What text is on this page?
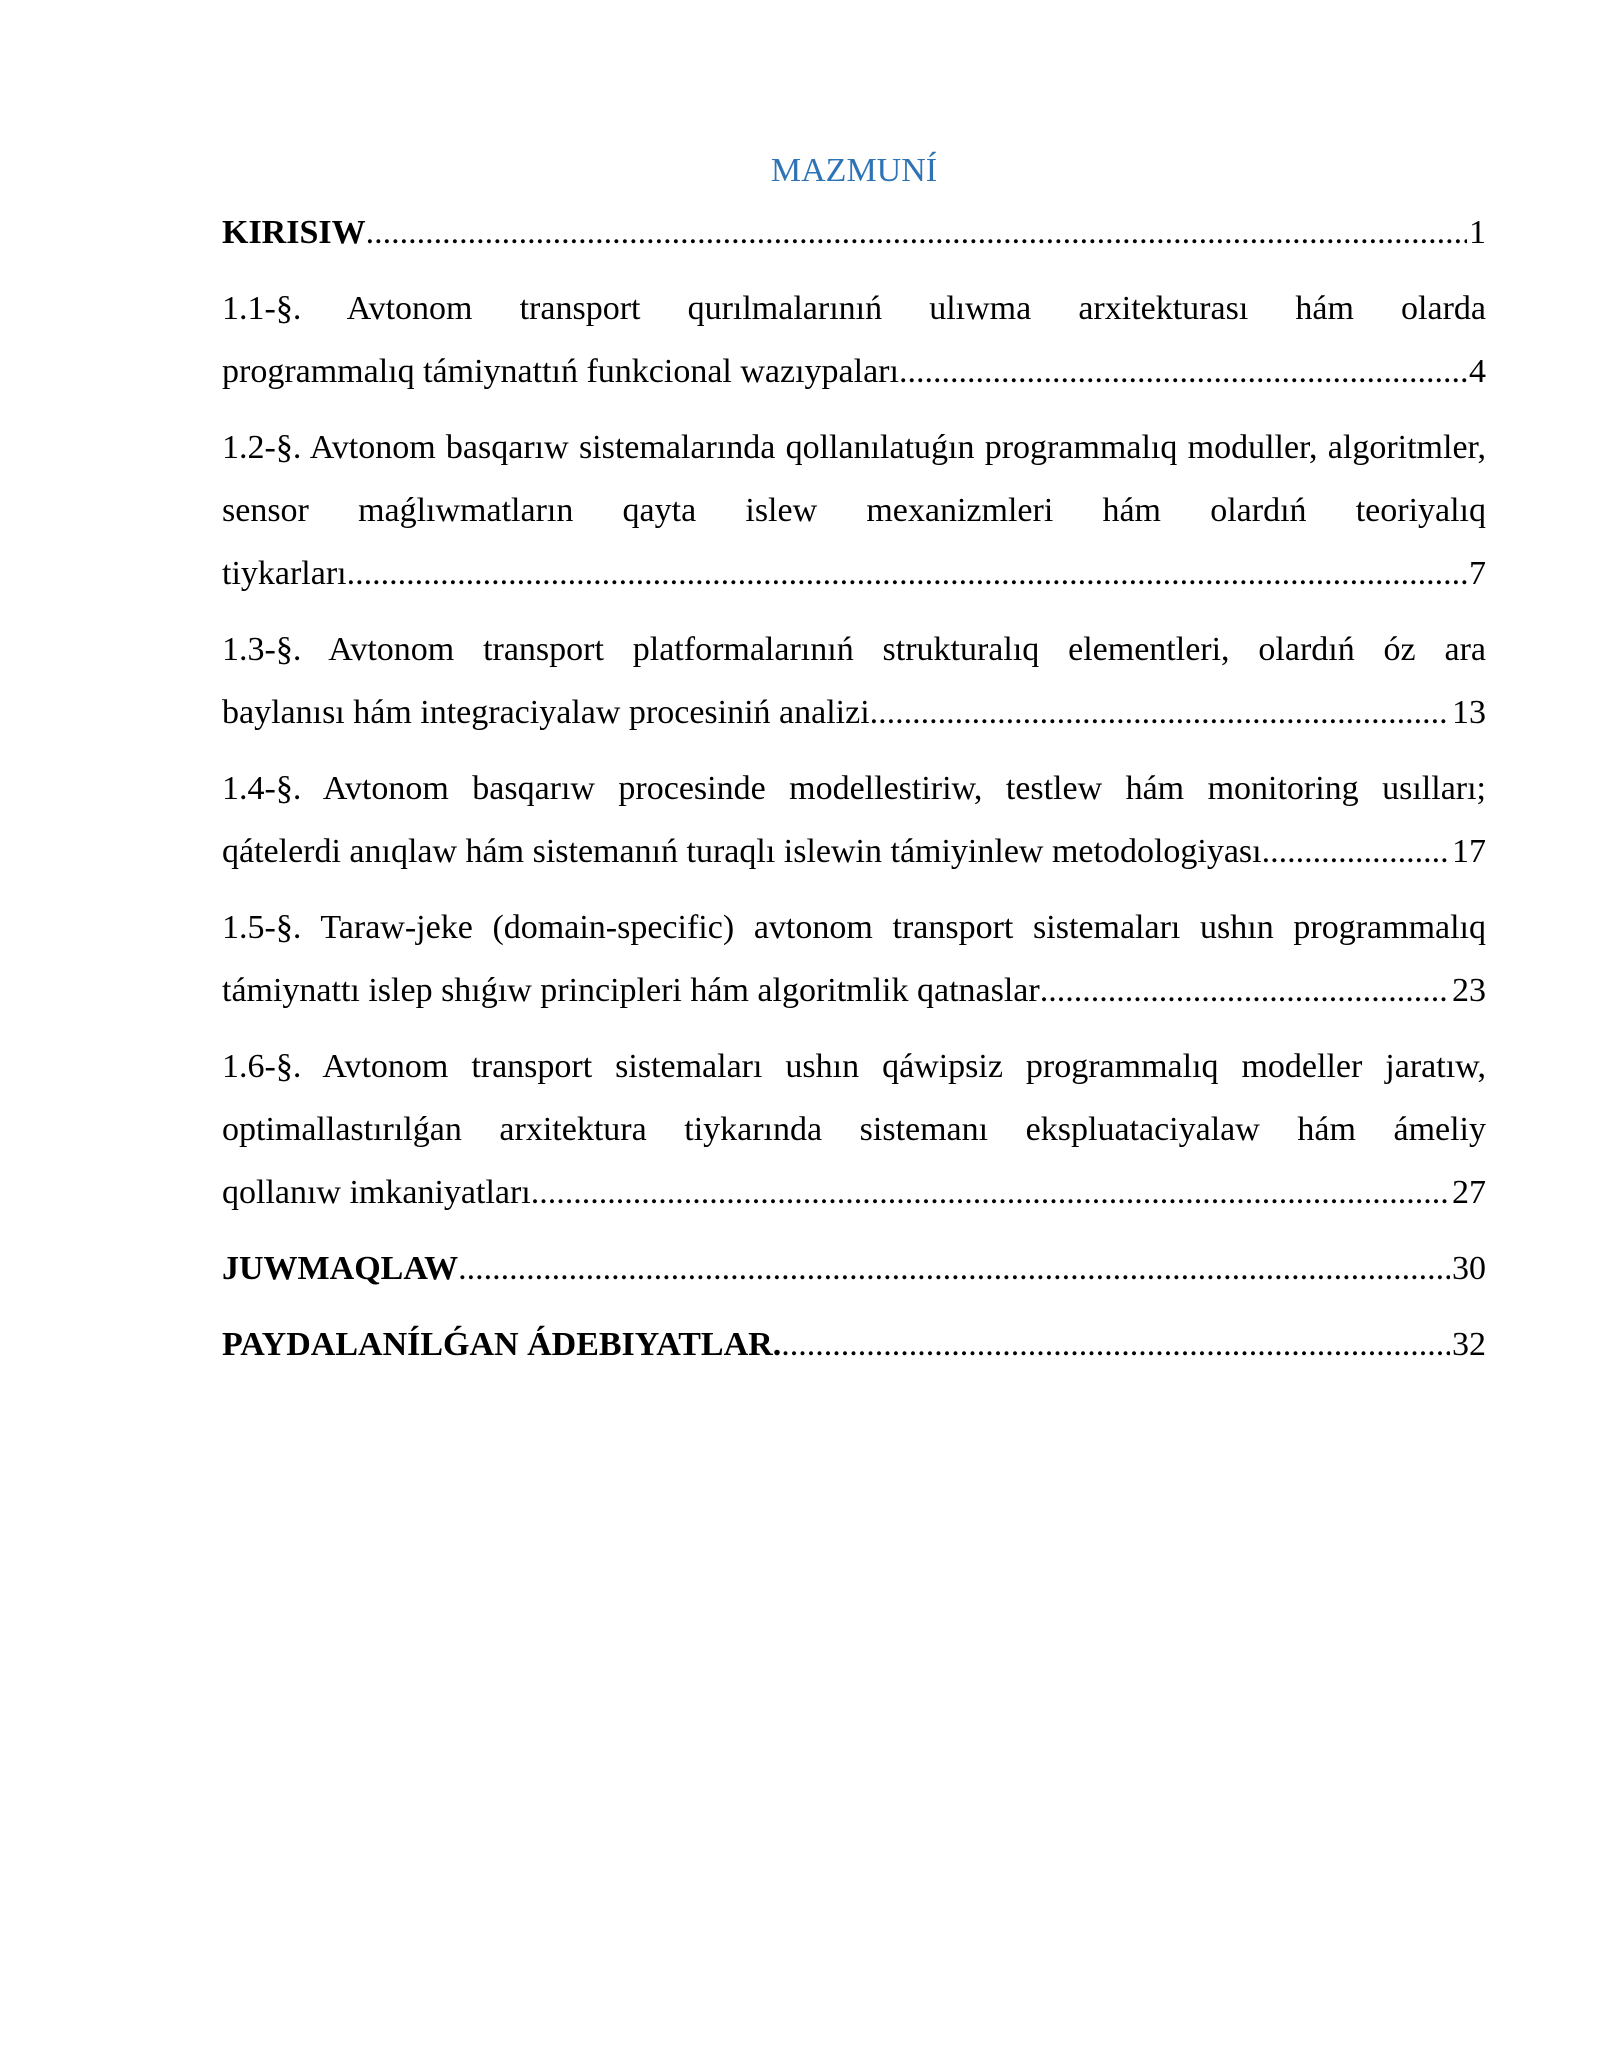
MAZMUNÍ
KIRISIW .....	1
1.1-§. Avtonom transport qurılmalarınıń ulıwma arxitekturası hám olarda
programmalıq támiynattıń funkcional wazıypaları. .....	4
1.2-§. Avtonom basqarıw sistemalarında qollanılatuǵın programmalıq moduller, algoritmler, sensor maǵlıwmatların qayta islew mexanizmleri hám olardıń teoriyalıq
tiykarları. .....	7
1.3-§. Avtonom transport platformalarınıń strukturalıq elementleri, olardıń óz ara
baylanısı hám integraciyalaw procesiniń analizi. .....	13
1.4-§. Avtonom basqarıw procesinde modellestiriw, testlew hám monitoring usılları;
qátelerdi anıqlaw hám sistemanıń turaqlı islewin támiyinlew metodologiyası. .....	17
1.5-§. Taraw-jeke (domain-specific) avtonom transport sistemaları ushın programmalıq
támiynattı islep shıǵıw principleri hám algoritmlik qatnaslar .....	23
1.6-§. Avtonom transport sistemaları ushın qáwipsiz programmalıq modeller jaratıw, optimallastırılǵan arxitektura tiykarında sistemanı ekspluataciyalaw hám ámeliy
qollanıw imkaniyatları. .....	27
JUWMAQLAW .....	30
PAYDALANÍLǴAN ÁDEBIYATLAR. .....	32
